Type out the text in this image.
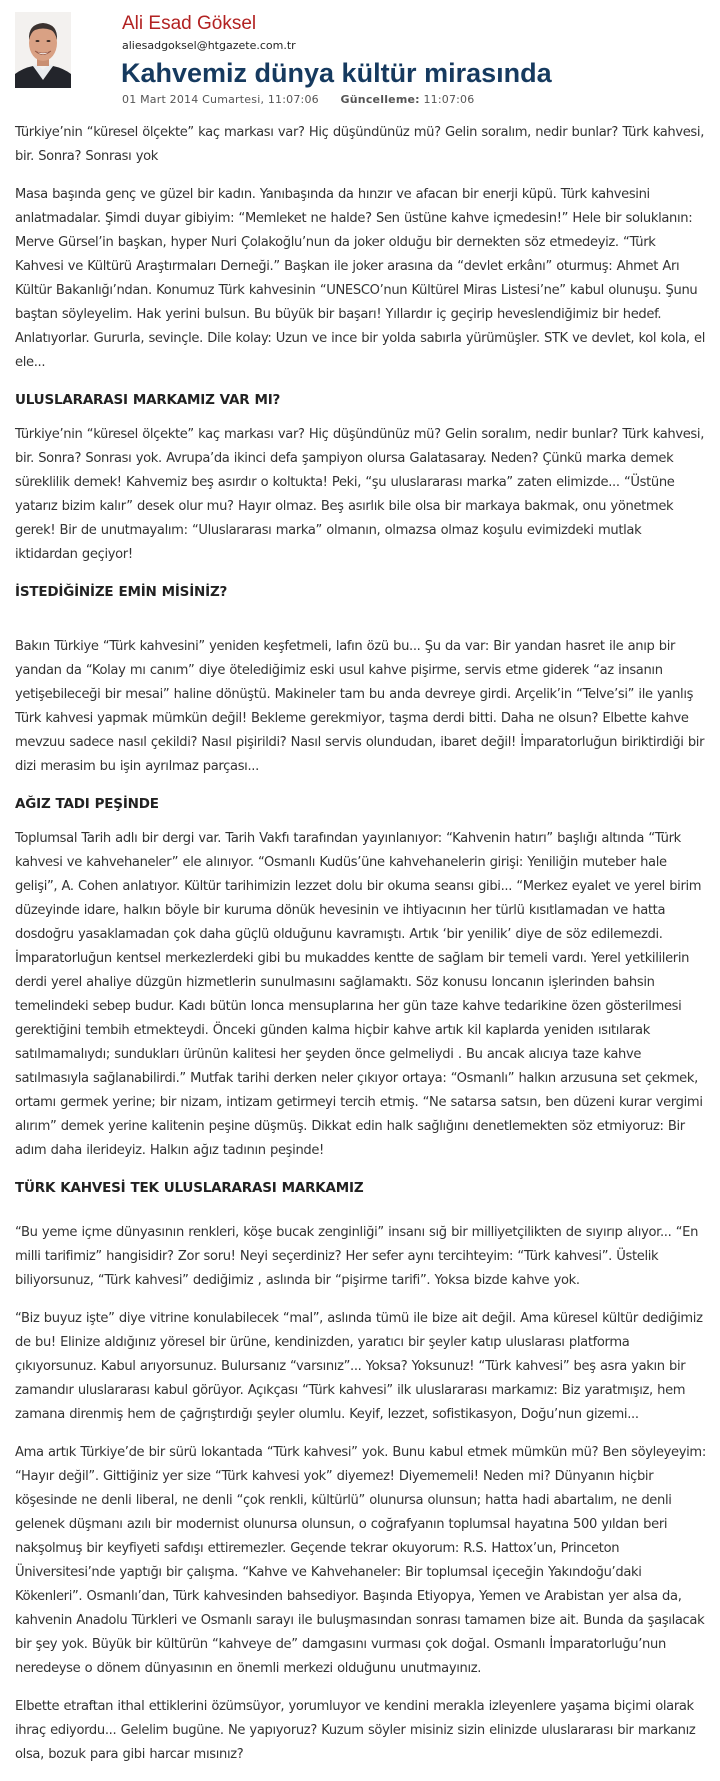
Ali Esad Göksel
aliesadgoksel@htgazete.com.tr
Kahvemiz dünya kültür mirasında
01 Mart 2014 Cumartesi, 11:07:06 Güncelleme: 11:07:06

Türkiye’nin “küresel ölçekte” kaç markası var? Hiç düşündünüz mü? Gelin soralım, nedir bunlar? Türk kahvesi, bir. Sonra? Sonrası yok

Masa başında genç ve güzel bir kadın. Yanıbaşında da hınzır ve afacan bir enerji küpü. Türk kahvesini anlatmadalar. Şimdi duyar gibiyim: “Memleket ne halde? Sen üstüne kahve içmedesin!” Hele bir soluklanın: Merve Gürsel’in başkan, hyper Nuri Çolakoğlu’nun da joker olduğu bir dernekten söz etmedeyiz. “Türk Kahvesi ve Kültürü Araştırmaları Derneği.” Başkan ile joker arasına da “devlet erkânı” oturmuş: Ahmet Arı Kültür Bakanlığı’ndan. Konumuz Türk kahvesinin “UNESCO’nun Kültürel Miras Listesi’ne” kabul olunuşu. Şunu baştan söyleyelim. Hak yerini bulsun. Bu büyük bir başarı! Yıllardır iç geçirip heveslendiğimiz bir hedef. Anlatıyorlar. Gururla, sevinçle. Dile kolay: Uzun ve ince bir yolda sabırla yürümüşler. STK ve devlet, kol kola, el ele...

ULUSLARARASI MARKAMIZ VAR MI?

Türkiye’nin “küresel ölçekte” kaç markası var? Hiç düşündünüz mü? Gelin soralım, nedir bunlar? Türk kahvesi, bir. Sonra? Sonrası yok. Avrupa’da ikinci defa şampiyon olursa Galatasaray. Neden? Çünkü marka demek süreklilik demek! Kahvemiz beş asırdır o koltukta! Peki, “şu uluslararası marka” zaten elimizde... “Üstüne yatarız bizim kalır” desek olur mu? Hayır olmaz. Beş asırlık bile olsa bir markaya bakmak, onu yönetmek gerek! Bir de unutmayalım: “Uluslararası marka” olmanın, olmazsa olmaz koşulu evimizdeki mutlak iktidardan geçiyor!

İSTEDİĞİNİZE EMİN MİSİNİZ?

Bakın Türkiye “Türk kahvesini” yeniden keşfetmeli, lafın özü bu... Şu da var: Bir yandan hasret ile anıp bir yandan da “Kolay mı canım” diye ötelediğimiz eski usul kahve pişirme, servis etme giderek “az insanın yetişebileceği bir mesai” haline dönüştü. Makineler tam bu anda devreye girdi. Arçelik’in “Telve’si” ile yanlış Türk kahvesi yapmak mümkün değil! Bekleme gerekmiyor, taşma derdi bitti. Daha ne olsun? Elbette kahve mevzuu sadece nasıl çekildi? Nasıl pişirildi? Nasıl servis olundudan, ibaret değil! İmparatorluğun biriktirdiği bir dizi merasim bu işin ayrılmaz parçası...

AĞIZ TADI PEŞİNDE

Toplumsal Tarih adlı bir dergi var. Tarih Vakfı tarafından yayınlanıyor: “Kahvenin hatırı” başlığı altında “Türk kahvesi ve kahvehaneler” ele alınıyor. “Osmanlı Kudüs’üne kahvehanelerin girişi: Yeniliğin muteber hale gelişi”, A. Cohen anlatıyor. Kültür tarihimizin lezzet dolu bir okuma seansı gibi... “Merkez eyalet ve yerel birim düzeyinde idare, halkın böyle bir kuruma dönük hevesinin ve ihtiyacının her türlü kısıtlamadan ve hatta dosdoğru yasaklamadan çok daha güçlü olduğunu kavramıştı. Artık ‘bir yenilik’ diye de söz edilemezdi. İmparatorluğun kentsel merkezlerdeki gibi bu mukaddes kentte de sağlam bir temeli vardı. Yerel yetkililerin derdi yerel ahaliye düzgün hizmetlerin sunulmasını sağlamaktı. Söz konusu loncanın işlerinden bahsin temelindeki sebep budur. Kadı bütün lonca mensuplarına her gün taze kahve tedarikine özen gösterilmesi gerektiğini tembih etmekteydi. Önceki günden kalma hiçbir kahve artık kil kaplarda yeniden ısıtılarak satılmamalıydı; sundukları ürünün kalitesi her şeyden önce gelmeliydi . Bu ancak alıcıya taze kahve satılmasıyla sağlanabilirdi.” Mutfak tarihi derken neler çıkıyor ortaya: “Osmanlı” halkın arzusuna set çekmek, ortamı germek yerine; bir nizam, intizam getirmeyi tercih etmiş. “Ne satarsa satsın, ben düzeni kurar vergimi alırım” demek yerine kalitenin peşine düşmüş. Dikkat edin halk sağlığını denetlemekten söz etmiyoruz: Bir adım daha ilerideyiz. Halkın ağız tadının peşinde!

TÜRK KAHVESİ TEK ULUSLARARASI MARKAMIZ

“Bu yeme içme dünyasının renkleri, köşe bucak zenginliği” insanı sığ bir milliyetçilikten de sıyırıp alıyor... “En milli tarifimiz” hangisidir? Zor soru! Neyi seçerdiniz? Her sefer aynı tercihteyim: “Türk kahvesi”. Üstelik biliyorsunuz, “Türk kahvesi” dediğimiz , aslında bir “pişirme tarifi”. Yoksa bizde kahve yok.

“Biz buyuz işte” diye vitrine konulabilecek “mal”, aslında tümü ile bize ait değil. Ama küresel kültür dediğimiz de bu! Elinize aldığınız yöresel bir ürüne, kendinizden, yaratıcı bir şeyler katıp uluslarası platforma çıkıyorsunuz. Kabul arıyorsunuz. Bulursanız “varsınız”... Yoksa? Yoksunuz! “Türk kahvesi” beş asra yakın bir zamandır uluslararası kabul görüyor. Açıkçası “Türk kahvesi” ilk uluslararası markamız: Biz yaratmışız, hem zamana direnmiş hem de çağrıştırdığı şeyler olumlu. Keyif, lezzet, sofistikasyon, Doğu’nun gizemi...

Ama artık Türkiye’de bir sürü lokantada “Türk kahvesi” yok. Bunu kabul etmek mümkün mü? Ben söyleyeyim: “Hayır değil”. Gittiğiniz yer size “Türk kahvesi yok” diyemez! Diyememeli! Neden mi? Dünyanın hiçbir köşesinde ne denli liberal, ne denli “çok renkli, kültürlü” olunursa olunsun; hatta hadi abartalım, ne denli gelenek düşmanı azılı bir modernist olunursa olunsun, o coğrafyanın toplumsal hayatına 500 yıldan beri nakşolmuş bir keyfiyeti safdışı ettiremezler. Geçende tekrar okuyorum: R.S. Hattox’un, Princeton Üniversitesi’nde yaptığı bir çalışma. “Kahve ve Kahvehaneler: Bir toplumsal içeceğin Yakındoğu’daki Kökenleri”. Osmanlı’dan, Türk kahvesinden bahsediyor. Başında Etiyopya, Yemen ve Arabistan yer alsa da, kahvenin Anadolu Türkleri ve Osmanlı sarayı ile buluşmasından sonrası tamamen bize ait. Bunda da şaşılacak bir şey yok. Büyük bir kültürün “kahveye de” damgasını vurması çok doğal. Osmanlı İmparatorluğu’nun neredeyse o dönem dünyasının en önemli merkezi olduğunu unutmayınız.

Elbette etraftan ithal ettiklerini özümsüyor, yorumluyor ve kendini merakla izleyenlere yaşama biçimi olarak ihraç ediyordu... Gelelim bugüne. Ne yapıyoruz? Kuzum söyler misiniz sizin elinizde uluslararası bir markanız olsa, bozuk para gibi harcar mısınız?
